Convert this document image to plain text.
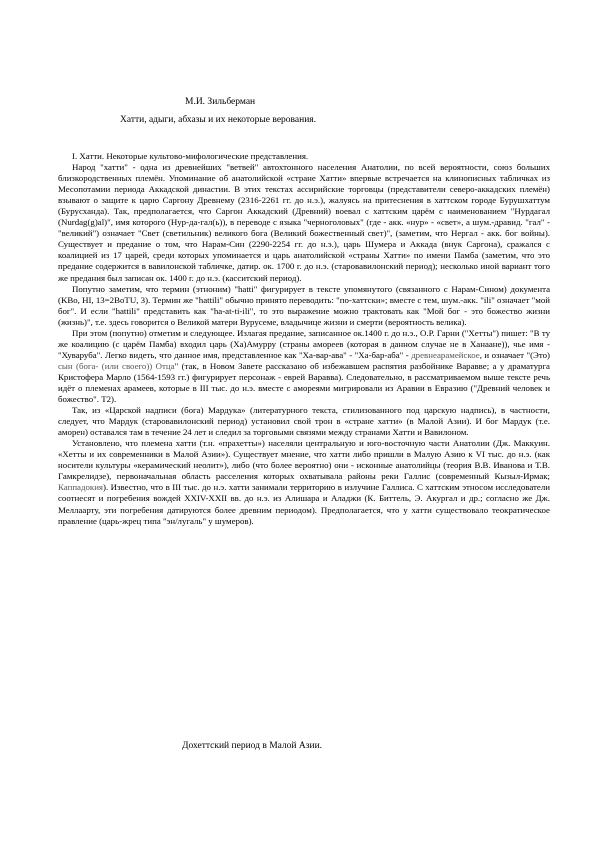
М.И. Зильберман
Хатти, адыги, абхазы и их некоторые верования.

I. Хатти. Некоторые культово-мифологические представления.

Народ "хатти" - одна из древнейших "ветвей" автохтонного населения Анатолии, по всей вероятности, союз больших близкородственных племён. Упоминание об анатолийской «стране Хатти» впервые встречается на клинописных табличках из Месопотамии периода Аккадской династии. В этих текстах ассирийские торговцы (представители северо-аккадских племён) взывают о защите к царю Саргону Древнему (2316-2261 гг. до н.э.), жалуясь на притеснения в хаттском городе Бурушхаттум (Бурусханда). Так, предполагается, что Саргон Аккадский (Древний) воевал с хаттским царём с наименованием "Нурдагал (Nurdag(g)al)", имя которого (Нур-да-гал(ь)), в переводе с языка "черноголовых" (где - акк. «нур» - «свет», а шум.-дравид. "гал" - "великий") означает "Свет (светильник) великого бога (Великий божественный свет)", (заметим, что Нергал - акк. бог войны). Существует и предание о том, что Нарам-Син (2290-2254 гг. до н.э.), царь Шумера и Аккада (внук Саргона), сражался с коалицией из 17 царей, среди которых упоминается и царь анатолийской «страны Хатти» по имени Памба (заметим, что это предание содержится в вавилонской табличке, датир. ок. 1700 г. до н.э. (старовавилонский период); несколько иной вариант того же предания был записан ок. 1400 г. до н.э. (касситский период).

Попутно заметим, что термин (этноним) "hatti" фигурирует в тексте упомянутого (связанного с Нарам-Сином) документа (KBo, HI, 13=2BoTU, 3). Термин же "hattili" обычно принято переводить: "по-хаттски»; вместе с тем, шум.-акк. "ili" означает "мой бог". И если "hattili" представить как "ha-at-ti-ili", то это выражение можно трактовать как "Мой бог - это божество жизни (жизнь)", т.е. здесь говорится о Великой матери Вурусеме, владычице жизни и смерти (вероятность велика).

При этом (попутно) отметим и следующее. Излагая предание, записанное ок.1400 г. до н.э., О.Р. Гарни ("Хетты") пишет: "В ту же коалицию (с царём Памба) входил царь (Ха)Амурру (страны амореев (которая в данном случае не в Ханаане)), чье имя - "Хуваруба". Легко видеть, что данное имя, представленное как "Ха-вар-ава" - "Ха-бар-аба" - древнеарамейское, и означает "(Это) сын (бога- (или своего)) Отца" (так, в Новом Завете рассказано об избежавшем распятия разбойнике Варавве; а у драматурга Кристофера Марло (1564-1593 гг.) фигурирует персонаж - еврей Варавва). Следовательно, в рассматриваемом выше тексте речь идёт о племенах арамеев, которые в III тыс. до н.э. вместе с амореями мигрировали из Аравии в Евразию ("Древний человек и божество". Т2).

Так, из «Царской надписи (бога) Мардука» (литературного текста, стилизованного под царскую надпись), в частности, следует, что Мардук (старовавилонский период) установил свой трон в «стране хатти» (в Малой Азии). И бог Мардук (т.е. аморен) оставался там в течение 24 лет и следил за торговыми связями между странами Хатти и Вавилоном.

Установлено, что племена хатти (т.н. «прахетты») населяли центральную и юго-восточную части Анатолии (Дж. Маккуин. «Хетты и их современники в Малой Азии»). Существует мнение, что хатти либо пришли в Малую Азию к VI тыс. до н.э. (как носители культуры «керамический неолит»), либо (что более вероятно) они - исконные анатолийцы (теория В.В. Иванова и Т.В. Гамкрелидзе), первоначальная область расселения которых охватывала районы реки Галлис (современный Кызыл-Ирмак; Каппадокия). Известно, что в III тыс. до н.э. хатти занимали территорию в излучине Галлиса. С хаттским этносом исследователи соотнесят и погребения вождей XXIV-XXII вв. до н.э. из Алишара и Аладжи (К. Биттель, Э. Акургал и др.; согласно же Дж. Меллаарту, эти погребения датируются более древним периодом). Предполагается, что у хатти существовало теократическое правление (царь-жрец типа "эн/лугаль" у шумеров).

Дохеттский период в Малой Азии.
